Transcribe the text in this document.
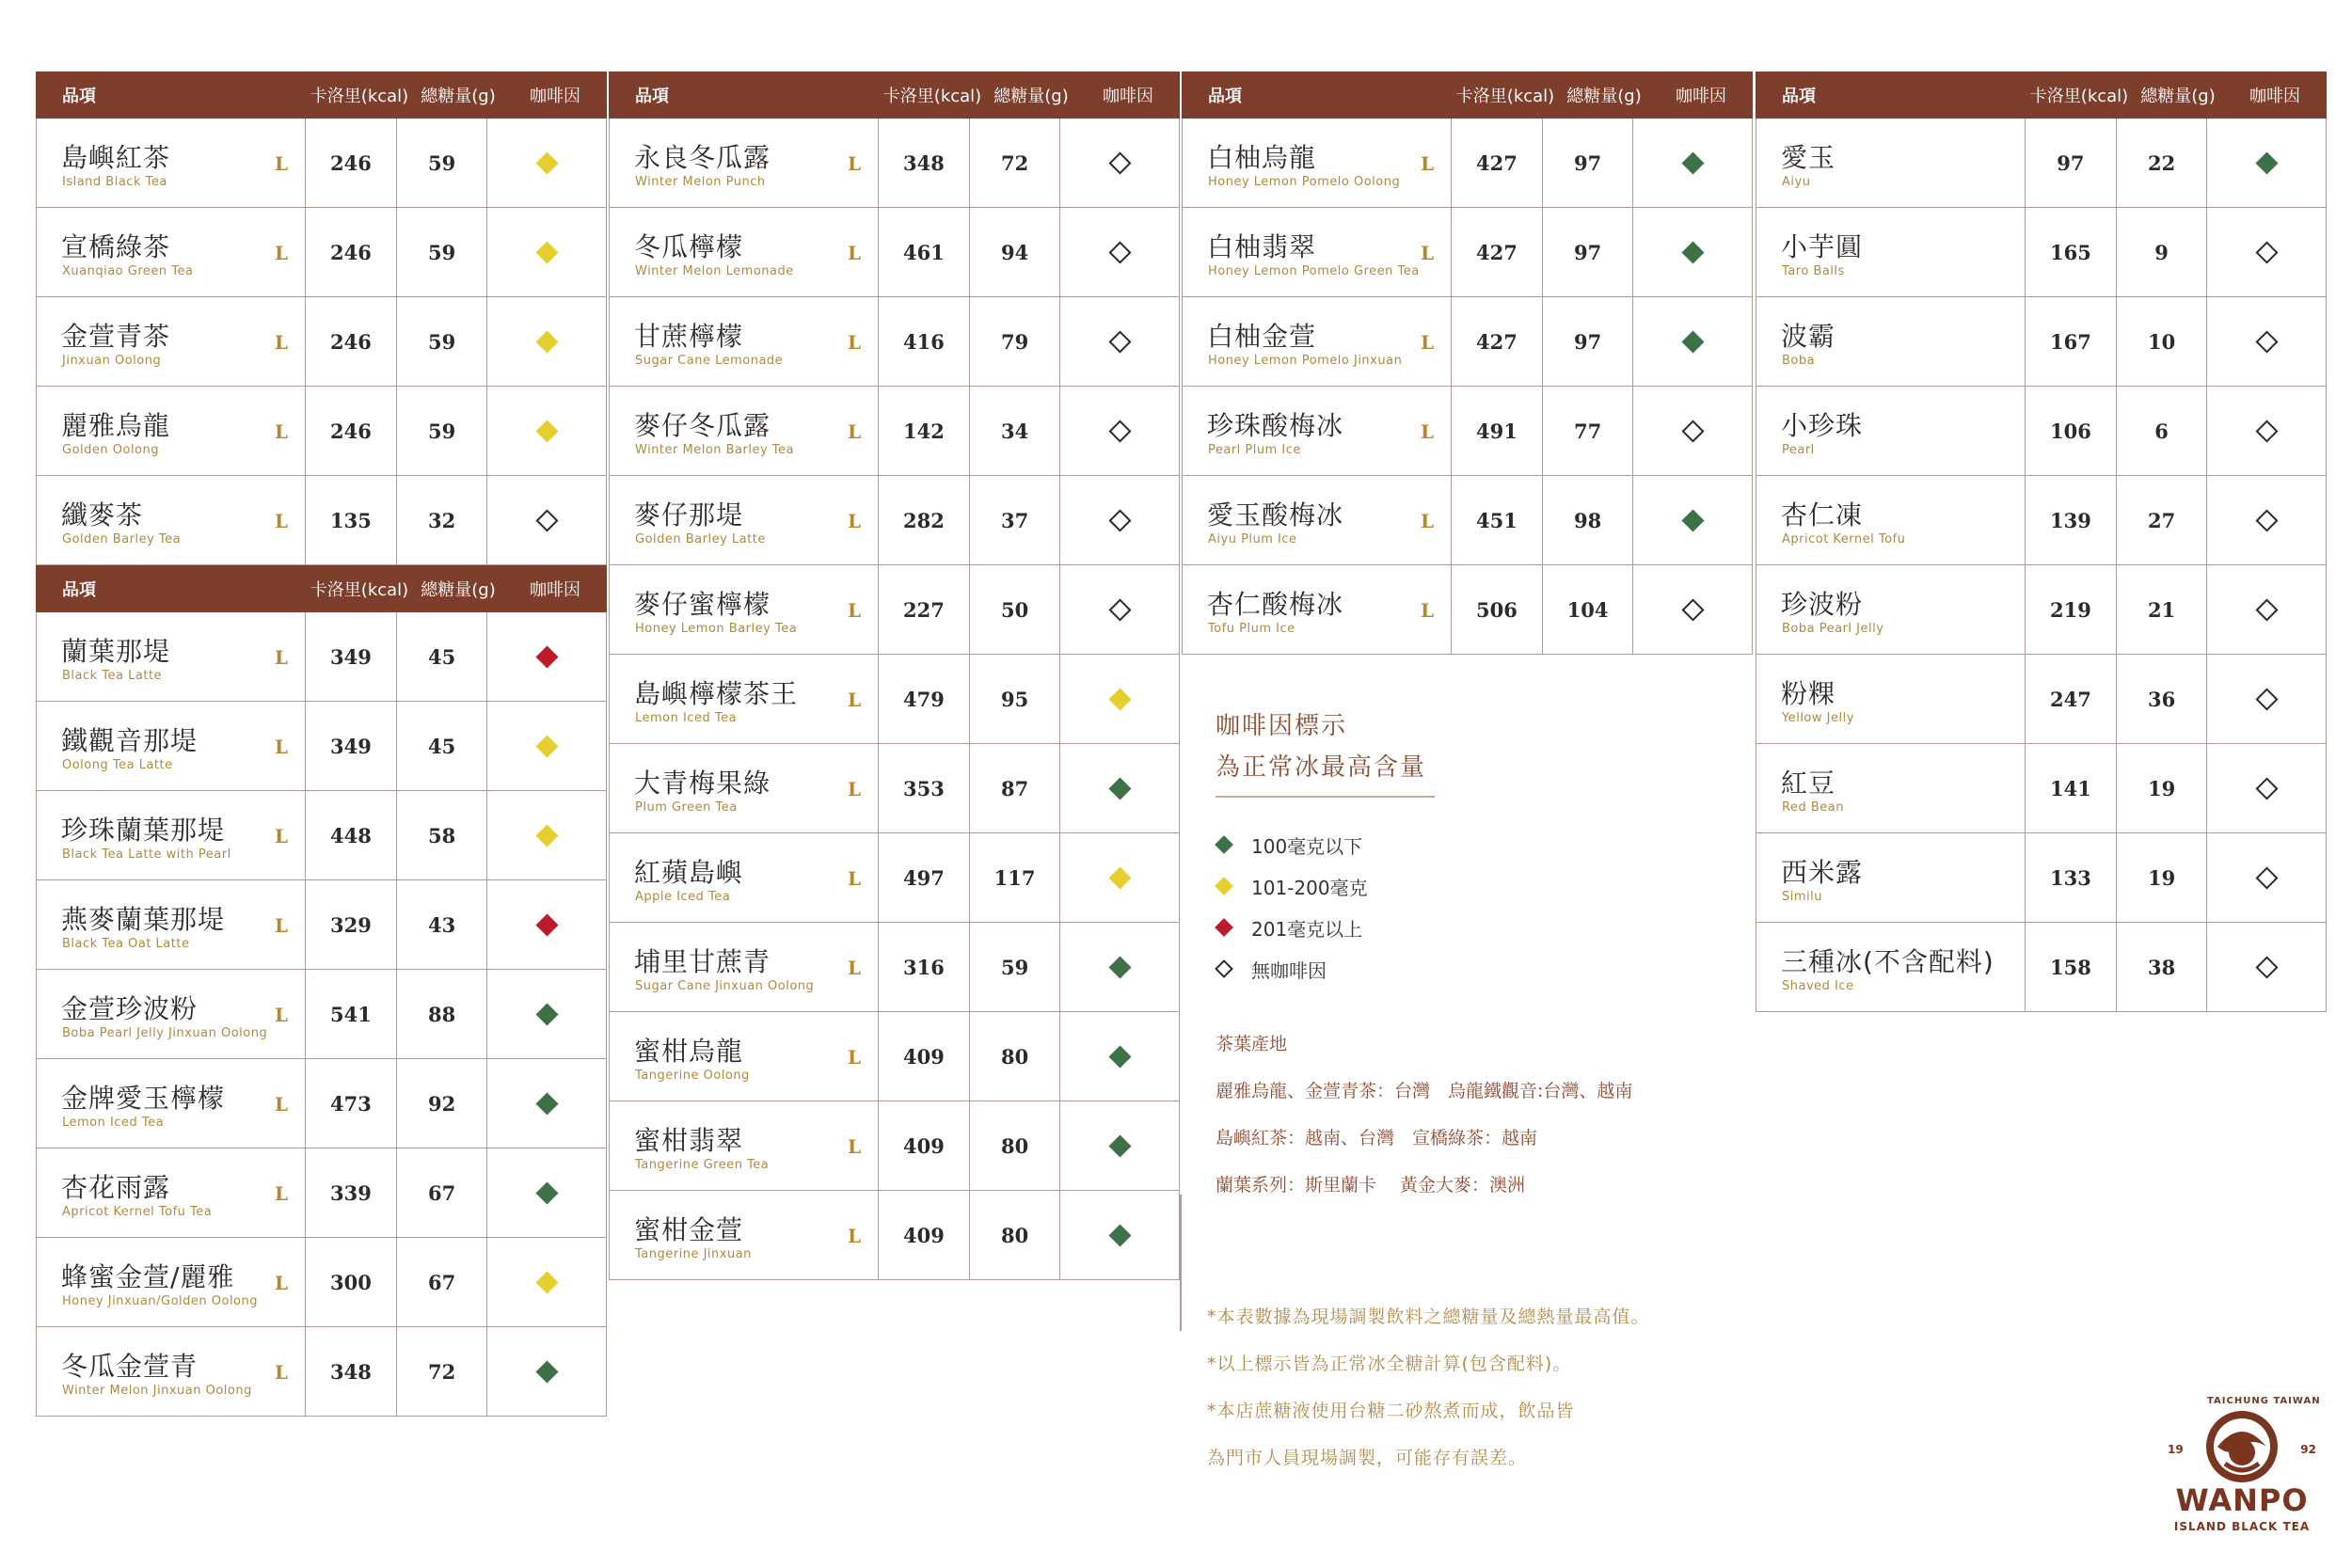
品項	卡洛里(kcal) 總糖量(g)	咖啡因
島嶼紅茶
Island Black Tea
L	246	59
宣橋綠茶
Xuanqiao Green Tea
L	246	59
金萱青茶
Jinxuan Oolong
L	246	59
麗雅烏龍
Golden Oolong
L	246	59
纖麥茶
Golden Barley Tea
L	135	32
品項	卡洛里(kcal) 總糖量(g)	咖啡因
蘭葉那堤
Black Tea Latte
L	349	45
鐵觀音那堤
Oolong Tea Latte
L	349	45
珍珠蘭葉那堤
Black Tea Latte with Pearl
L	448	58
燕麥蘭葉那堤
Black Tea Oat Latte
L	329	43
金萱珍波粉
Boba Pearl Jelly Jinxuan Oolong
L	541	88
金牌愛玉檸檬
Lemon Iced Tea
L	473	92
杏花雨露
Apricot Kernel Tofu Tea
L	339	67
蜂蜜金萱/麗雅
Honey Jinxuan/Golden Oolong
L	300	67
冬瓜金萱青
Winter Melon Jinxuan Oolong
L	348	72
品項	卡洛里(kcal) 總糖量(g)	咖啡因
永良冬瓜露
Winter Melon Punch
L	348	72
冬瓜檸檬
Winter Melon Lemonade
L	461	94
甘蔗檸檬
Sugar Cane Lemonade
L	416	79
麥仔冬瓜露
Winter Melon Barley Tea
L	142	34
麥仔那堤
Golden Barley Latte
L	282	37
麥仔蜜檸檬
Honey Lemon Barley Tea
L	227	50
島嶼檸檬茶王
Lemon Iced Tea
L	479	95
大青梅果綠
Plum Green Tea
L	353	87
紅蘋島嶼
Apple Iced Tea
L	497	117
埔里甘蔗青
Sugar Cane Jinxuan Oolong
L	316	59
蜜柑烏龍
Tangerine Oolong
L	409	80
蜜柑翡翠
Tangerine Green Tea
L	409	80
蜜柑金萱
Tangerine Jinxuan
L	409	80
品項	卡洛里(kcal) 總糖量(g)	咖啡因
白柚烏龍
Honey Lemon Pomelo Oolong
L	427	97
白柚翡翠
Honey Lemon Pomelo Green Tea
L	427	97
白柚金萱
Honey Lemon Pomelo Jinxuan
L	427	97
珍珠酸梅冰
Pearl Plum Ice
L	491	77
愛玉酸梅冰
Aiyu Plum Ice
L	451	98
杏仁酸梅冰
Tofu Plum Ice
L	506	104
品項	卡洛里(kcal) 總糖量(g)	咖啡因
愛玉
Aiyu
97	22
小芋圓
Taro Balls
165	9
波霸
Boba
167	10
小珍珠
Pearl
106	6
杏仁凍
Apricot Kernel Tofu
139	27
珍波粉
Boba Pearl Jelly
219	21
粉粿
Yellow Jelly
247	36
紅豆
Red Bean
141	19
西米露
Similu
133	19
三種冰(不含配料)
Shaved Ice
158	38
咖啡因標示
為正常冰最高含量
100毫克以下
101-200毫克
201毫克以上
無咖啡因
茶葉產地
麗雅烏龍、金萱青茶：台灣　烏龍鐵觀音:台灣、越南
島嶼紅茶：越南、台灣　宣橋綠茶：越南
蘭葉系列：斯里蘭卡　 黃金大麥：澳洲
*本表數據為現場調製飲料之總糖量及總熱量最高值。
*以上標示皆為正常冰全糖計算(包含配料)。
*本店蔗糖液使用台糖二砂熬煮而成，飲品皆
為門市人員現場調製，可能存有誤差。
TAICHUNG TAIWAN
19	92
WANPO
ISLAND BLACK TEA
